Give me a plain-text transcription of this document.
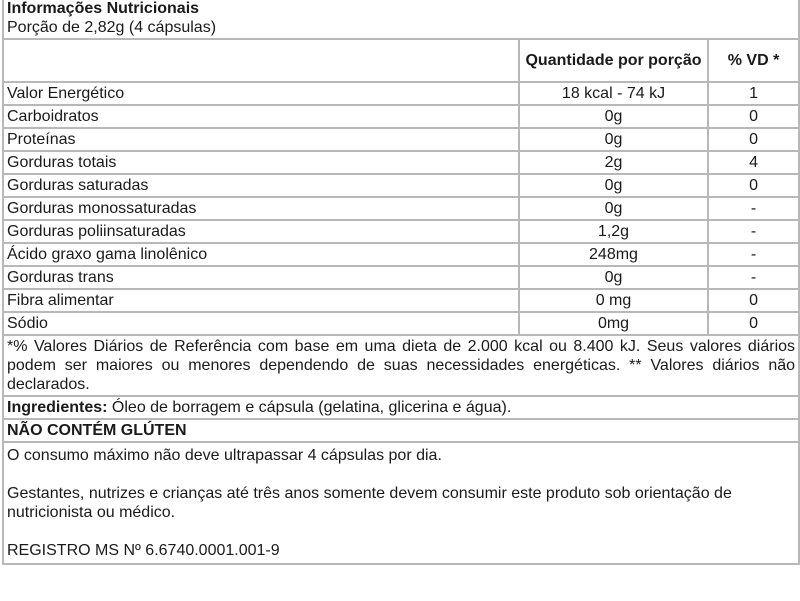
Informações Nutricionais
Porção de 2,82g (4 cápsulas)		

	Quantidade por porção	% VD *
Valor Energético	18 kcal - 74 kJ	1
Carboidratos	0g	0
Proteínas	0g	0
Gorduras totais	2g	4
Gorduras saturadas	0g	0
Gorduras monossaturadas	0g	-
Gorduras poliinsaturadas	1,2g	-
Ácido graxo gama linolênico	248mg	-
Gorduras trans	0g	-
Fibra alimentar	0 mg	0
Sódio	0mg	0
*% Valores Diários de Referência com base em uma dieta de 2.000 kcal ou 8.400 kJ. Seus valores diários podem ser maiores ou menores dependendo de suas necessidades energéticas. ** Valores diários não declarados.		
Ingredientes: Óleo de borragem e cápsula (gelatina, glicerina e água).		
NÃO CONTÉM GLÚTEN		

O consumo máximo não deve ultrapassar 4 cápsulas por dia.

Gestantes, nutrizes e crianças até três anos somente devem consumir este produto sob orientação de nutricionista ou médico.

REGISTRO MS Nº 6.6740.0001.001-9		
